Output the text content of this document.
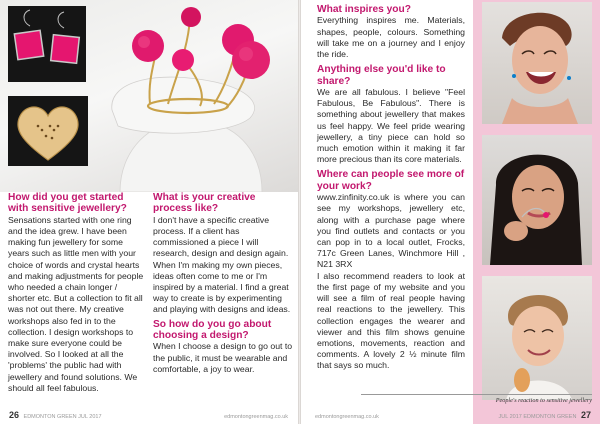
How did you get started with sensitive jewellery?

Sensations started with one ring and the idea grew. I have been making fun jewellery for some years such as little men with your choice of words and crystal hearts and making adjustments for people who needed a chain longer / shorter etc. But a collection to fit all was not out there. My creative workshops also fed in to the collection. I design workshops to make sure everyone could be involved. So I looked at all the 'problems' the public had with jewellery and found solutions. We should all feel fabulous.

What is your creative process like?

I don't have a specific creative process. If a client has commissioned a piece I will research, design and design again. When I'm making my own pieces, ideas often come to me or I'm inspired by a material. I find a great way to create is by experimenting and playing with designs and ideas.

So how do you go about choosing a design?

When I choose a design to go out to the public, it must be wearable and comfortable, a joy to wear.

26 EDMONTON GREEN JUL 2017	edmontongreenmag.co.uk
What inspires you?

Everything inspires me. Materials, shapes, people, colours. Something will take me on a journey and I enjoy the ride.

Anything else you'd like to share?

We are all fabulous. I believe "Feel Fabulous, Be Fabulous". There is something about jewellery that makes us feel happy. We feel pride wearing jewellery, a tiny piece can hold so much emotion within it making it far more precious than its core materials.

Where can people see more of your work?

www.zinfinity.co.uk is where you can see my workshops, jewellery etc, along with a purchase page where you find outlets and contacts or you can pop in to a local outlet, Frocks, 717c Green Lanes, Winchmore Hill , N21 3RX

I also recommend readers to look at the first page of my website and you will see a film of real people having real reactions to the jewellery. This collection engages the wearer and viewer and this film shows genuine emotions, movements, reaction and comments. A lovely 2 ½ minute film that says so much.

People's reaction to sensitive jewellery
edmontongreenmag.co.uk	JUL 2017 EDMONTON GREEN 27
